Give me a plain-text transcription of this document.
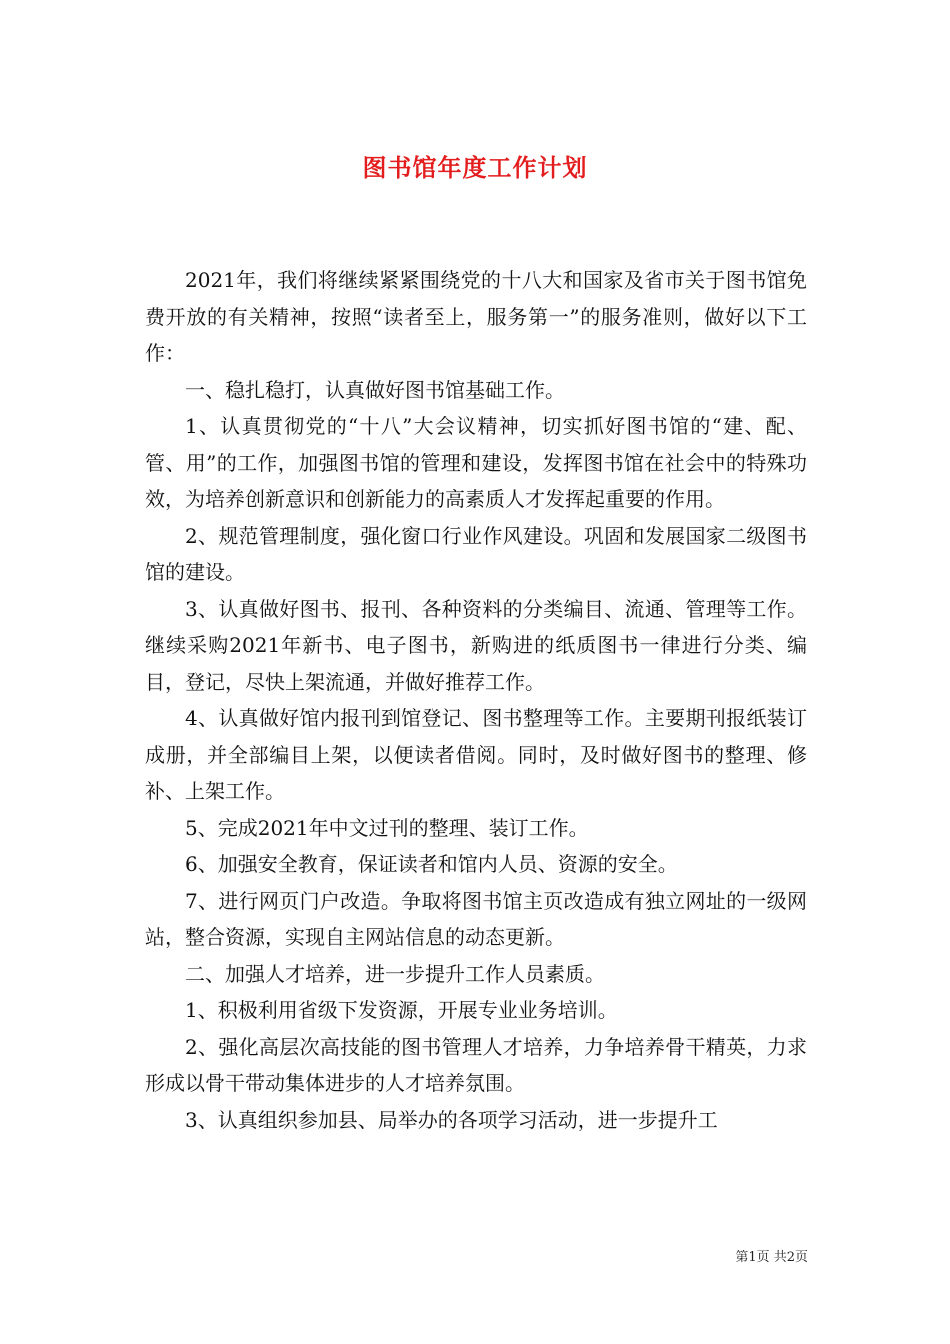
图书馆年度工作计划

2021年，我们将继续紧紧围绕党的十八大和国家及省市关于图书馆免费开放的有关精神，按照“读者至上，服务第一”的服务准则，做好以下工作：

一、稳扎稳打，认真做好图书馆基础工作。

1、认真贯彻党的“十八”大会议精神，切实抓好图书馆的“建、配、管、用”的工作，加强图书馆的管理和建设，发挥图书馆在社会中的特殊功效，为培养创新意识和创新能力的高素质人才发挥起重要的作用。

2、规范管理制度，强化窗口行业作风建设。巩固和发展国家二级图书馆的建设。

3、认真做好图书、报刊、各种资料的分类编目、流通、管理等工作。继续采购2021年新书、电子图书，新购进的纸质图书一律进行分类、编目，登记，尽快上架流通，并做好推荐工作。

4、认真做好馆内报刊到馆登记、图书整理等工作。主要期刊报纸装订成册，并全部编目上架，以便读者借阅。同时，及时做好图书的整理、修补、上架工作。

5、完成2021年中文过刊的整理、装订工作。

6、加强安全教育，保证读者和馆内人员、资源的安全。

7、进行网页门户改造。争取将图书馆主页改造成有独立网址的一级网站，整合资源，实现自主网站信息的动态更新。

二、加强人才培养，进一步提升工作人员素质。

1、积极利用省级下发资源，开展专业业务培训。

2、强化高层次高技能的图书管理人才培养，力争培养骨干精英，力求形成以骨干带动集体进步的人才培养氛围。

3、认真组织参加县、局举办的各项学习活动，进一步提升工

第1页 共2页
